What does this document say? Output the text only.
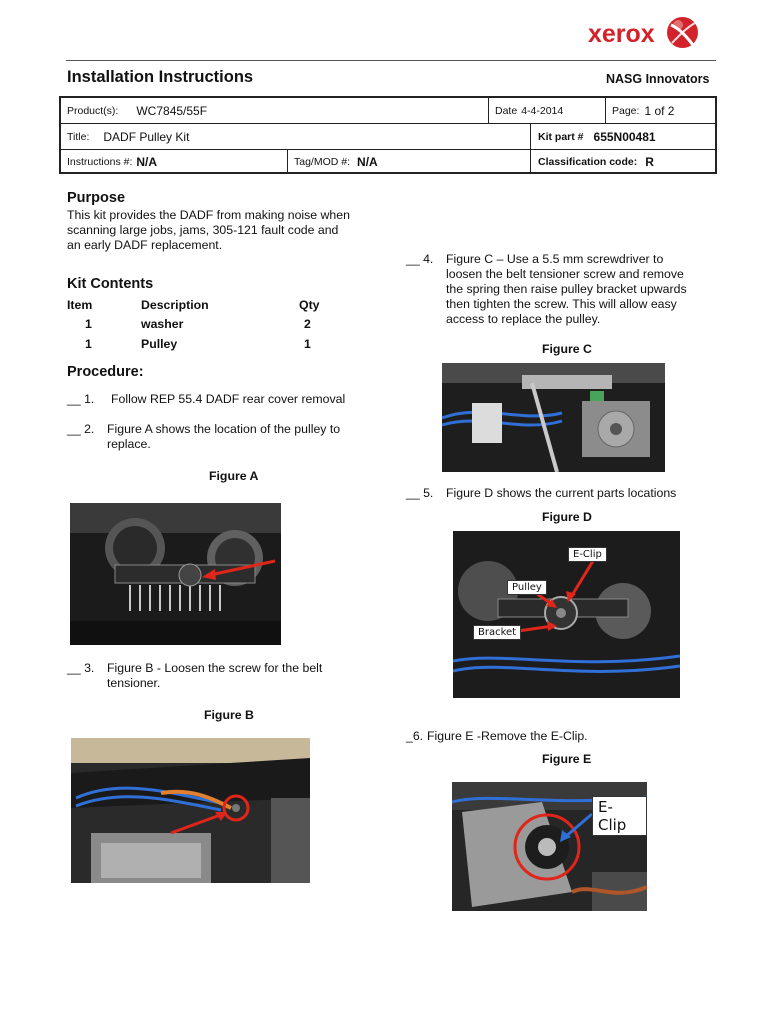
xerox
Installation Instructions	NASG Innovators
Product(s): WC7845/55F	Date 4-4-2014	Page: 1 of 2
Title: DADF Pulley Kit	Kit part # 655N00481
Instructions #: N/A	Tag/MOD #: N/A	Classification code: R
Purpose
This kit provides the DADF from making noise when
scanning large jobs, jams, 305-121 fault code and
an early DADF replacement.
Kit Contents
Item	Description	Qty
1	washer	2
1	Pulley	1
Procedure:
__ 1. Follow REP 55.4 DADF rear cover removal
__ 2. Figure A shows the location of the pulley to
replace.
Figure A
__ 3. Figure B - Loosen the screw for the belt
tensioner.
Figure B
__ 4. Figure C – Use a 5.5 mm screwdriver to
loosen the belt tensioner screw and remove
the spring then raise pulley bracket upwards
then tighten the screw. This will allow easy
access to replace the pulley.
Figure C
__ 5. Figure D shows the current parts locations
Figure D
E-Clip
Pulley
Bracket
_6. Figure E -Remove the E-Clip.
Figure E
E-Clip
